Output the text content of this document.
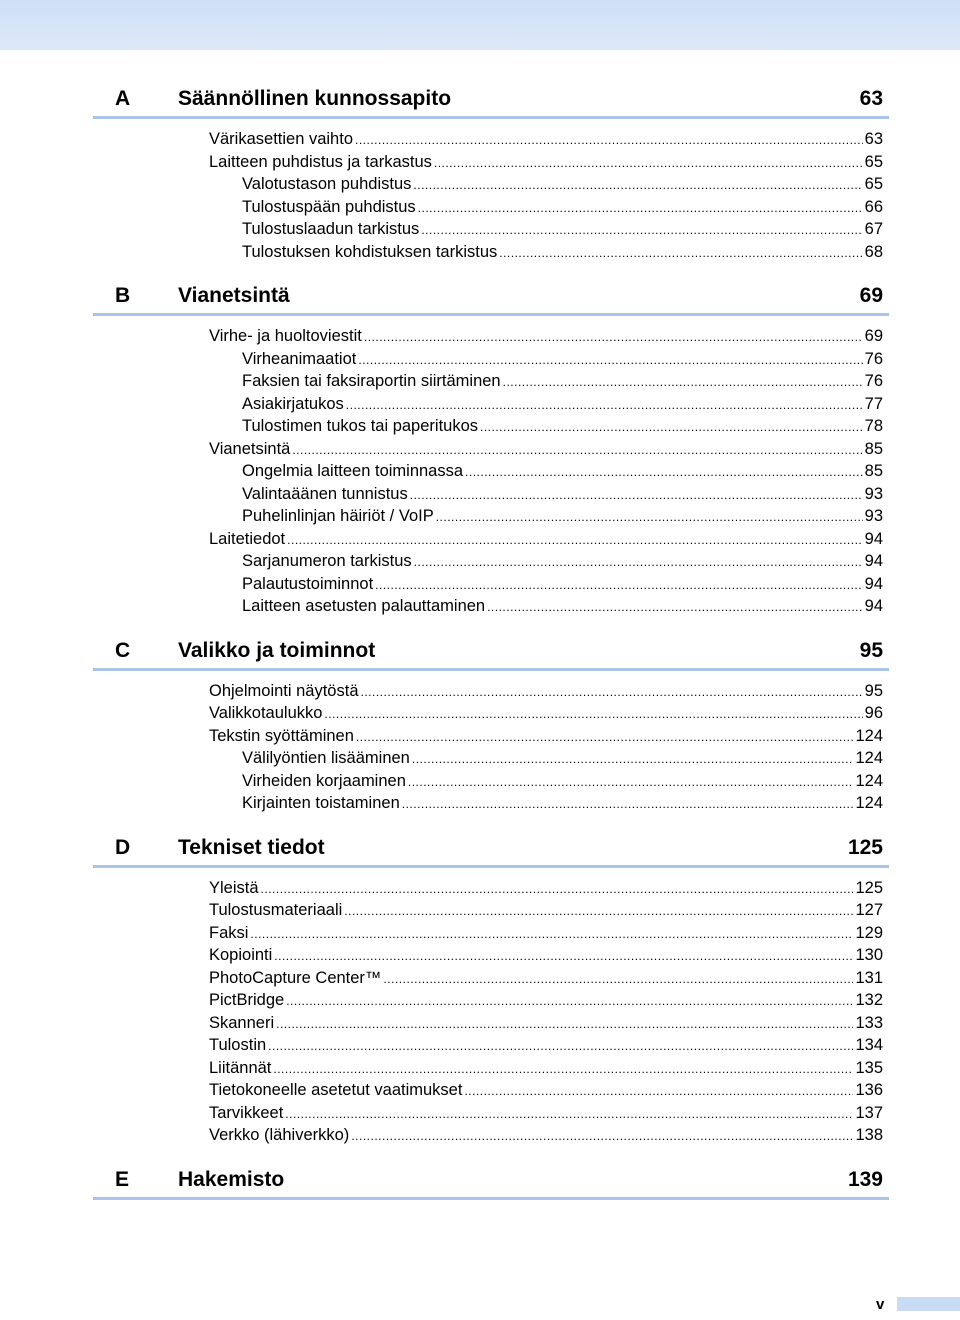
A Säännöllinen kunnossapito	63
Värikasettien vaihto .....	63
Laitteen puhdistus ja tarkastus .....	65
Valotustason puhdistus .....	65
Tulostuspään puhdistus .....	66
Tulostuslaadun tarkistus .....	67
Tulostuksen kohdistuksen tarkistus .....	68
B Vianetsintä	69
Virhe- ja huoltoviestit .....	69
Virheanimaatiot .....	76
Faksien tai faksiraportin siirtäminen .....	76
Asiakirjatukos .....	77
Tulostimen tukos tai paperitukos .....	78
Vianetsintä .....	85
Ongelmia laitteen toiminnassa .....	85
Valintaäänen tunnistus .....	93
Puhelinlinjan häiriöt / VoIP .....	93
Laitetiedot .....	94
Sarjanumeron tarkistus .....	94
Palautustoiminnot .....	94
Laitteen asetusten palauttaminen .....	94
C Valikko ja toiminnot	95
Ohjelmointi näytöstä .....	95
Valikkotaulukko .....	96
Tekstin syöttäminen .....	124
Välilyöntien lisääminen .....	124
Virheiden korjaaminen .....	124
Kirjainten toistaminen .....	124
D Tekniset tiedot	125
Yleistä .....	125
Tulostusmateriaali .....	127
Faksi .....	129
Kopiointi .....	130
PhotoCapture Center™ .....	131
PictBridge .....	132
Skanneri .....	133
Tulostin .....	134
Liitännät .....	135
Tietokoneelle asetetut vaatimukset .....	136
Tarvikkeet .....	137
Verkko (lähiverkko) .....	138
E Hakemisto	139
v
